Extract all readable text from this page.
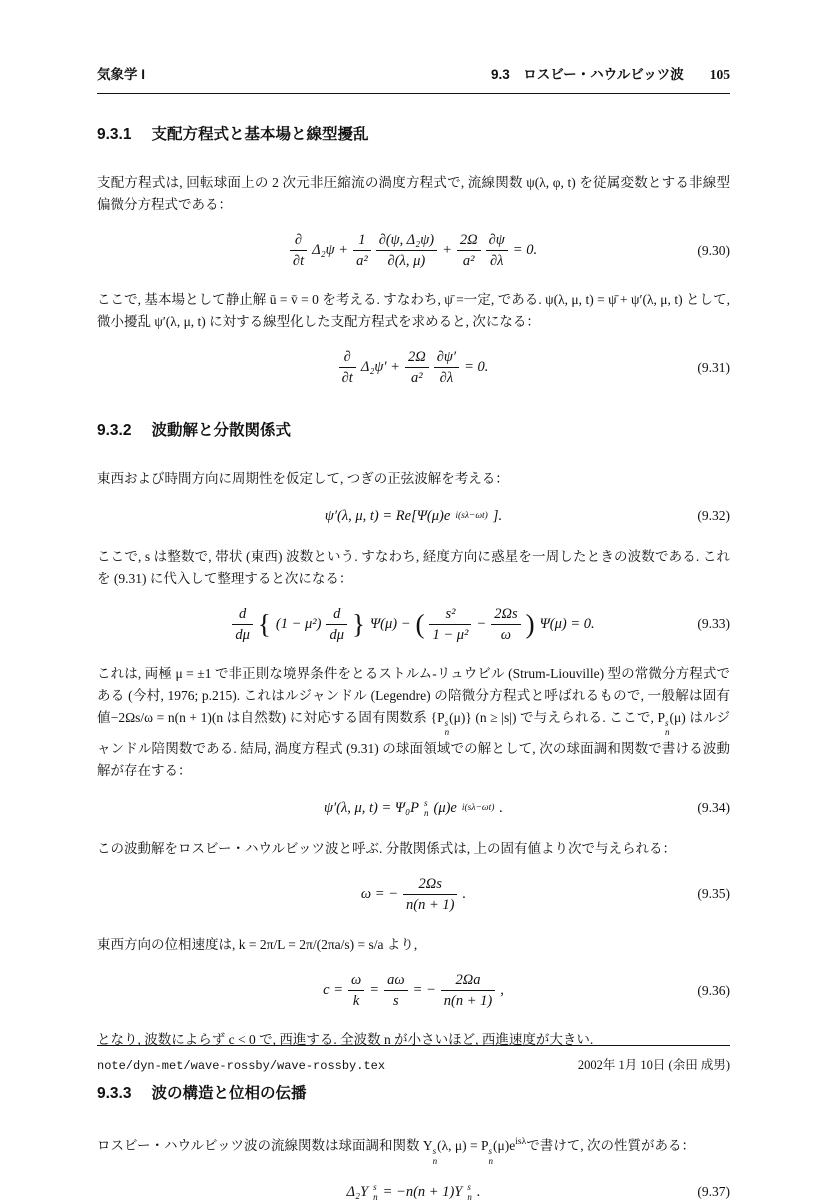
気象学 I	9.3　ロスビー・ハウルビッツ波 105
9.3.1 支配方程式と基本場と線型擾乱

支配方程式は, 回転球面上の 2 次元非圧縮流の渦度方程式で, 流線関数 ψ(λ, φ, t) を従属変数とする非線型偏微分方程式である：

$\frac{\partial}{\partial t} \Delta_2\psi + \frac{1}{\text{a²}} \frac{\text{∂(ψ, Δ₂ψ)}}{\partial(\lambda, \mu)} + \frac{2\Omega}{\text{a²}} \frac{\partial\psi}{\partial\lambda} = 0$.	(9.30)

ここで, 基本場として静止解 ū = v̄ = 0 を考える. すなわち, ψ̄ =一定, である. ψ(λ, μ, t) = ψ̄ + ψ′(λ, μ, t) として, 微小擾乱 ψ′(λ, μ, t) に対する線型化した支配方程式を求めると, 次になる：

$\frac{\partial}{\partial t} \Delta_2\psi' + \frac{2\Omega}{\text{a²}} \frac{\partial\psi'}{\partial\lambda} = 0$.	(9.31)
9.3.2 波動解と分散関係式

東西および時間方向に周期性を仮定して, つぎの正弦波解を考える：

ψ′(λ, μ, t) = Re[Ψ(μ)e i(sλ−ωt) ].	(9.32)

ここで, s は整数で, 帯状 (東西) 波数という. すなわち, 経度方向に惑星を一周したときの波数である. これを (9.31) に代入して整理すると次になる：

$\frac{d}{d\mu}$ { $(1 - \mu^2) \frac{d}{d\mu}$ } Ψ(μ) − ( $\frac{\text{s²}}{\text{1 − μ²}} - \frac{2\Omega s}{\omega}$ ) Ψ(μ) = 0.	(9.33)

これは, 両極 μ = ±1 で非正則な境界条件をとるストルム-リュウビル (Strum-Liouville) 型の常微分方程式である (今村, 1976; p.215). これはルジャンドル (Legendre) の陪微分方程式と呼ばれるもので, 一般解は固有値−2Ωs/ω = n(n + 1)(n は自然数) に対応する固有関数系 {P s
n
(μ)} (n ≥ |s|) で与えられる. ここで, P s
n
(μ) はルジャンドル陪関数である. 結局, 渦度方程式 (9.31) の球面領域での解として, 次の球面調和関数で書ける波動解が存在する：

ψ′(λ, μ, t) = Ψ₀P s
n (μ)e i(sλ−ωt) .	(9.34)

この波動解をロスビー・ハウルビッツ波と呼ぶ. 分散関係式は, 上の固有値より次で与えられる：

ω = − $\frac{2\Omega s}{n(n + 1)}$ .	(9.35)

東西方向の位相速度は, k = 2π/L = 2π/(2πa/s) = s/a より,

$c = \frac{\omega}{k} = \frac{a\omega}{s}$ = − $\frac{2\Omega a}{n(n + 1)}$ ,	(9.36)

となり, 波数によらず c < 0 で, 西進する. 全波数 n が小さいほど, 西進速度が大きい.

9.3.3 波の構造と位相の伝播

ロスビー・ハウルビッツ波の流線関数は球面調和関数 Y s
n
(λ, μ) = P s
n
$(\mu)e^{is\lambda}$で書けて, 次の性質がある：

Δ₂Y s
n = −n(n + 1)Y s
n .	(9.37)
note/dyn-met/wave-rossby/wave-rossby.tex	2002年 1月 10日 (余田 成男)
